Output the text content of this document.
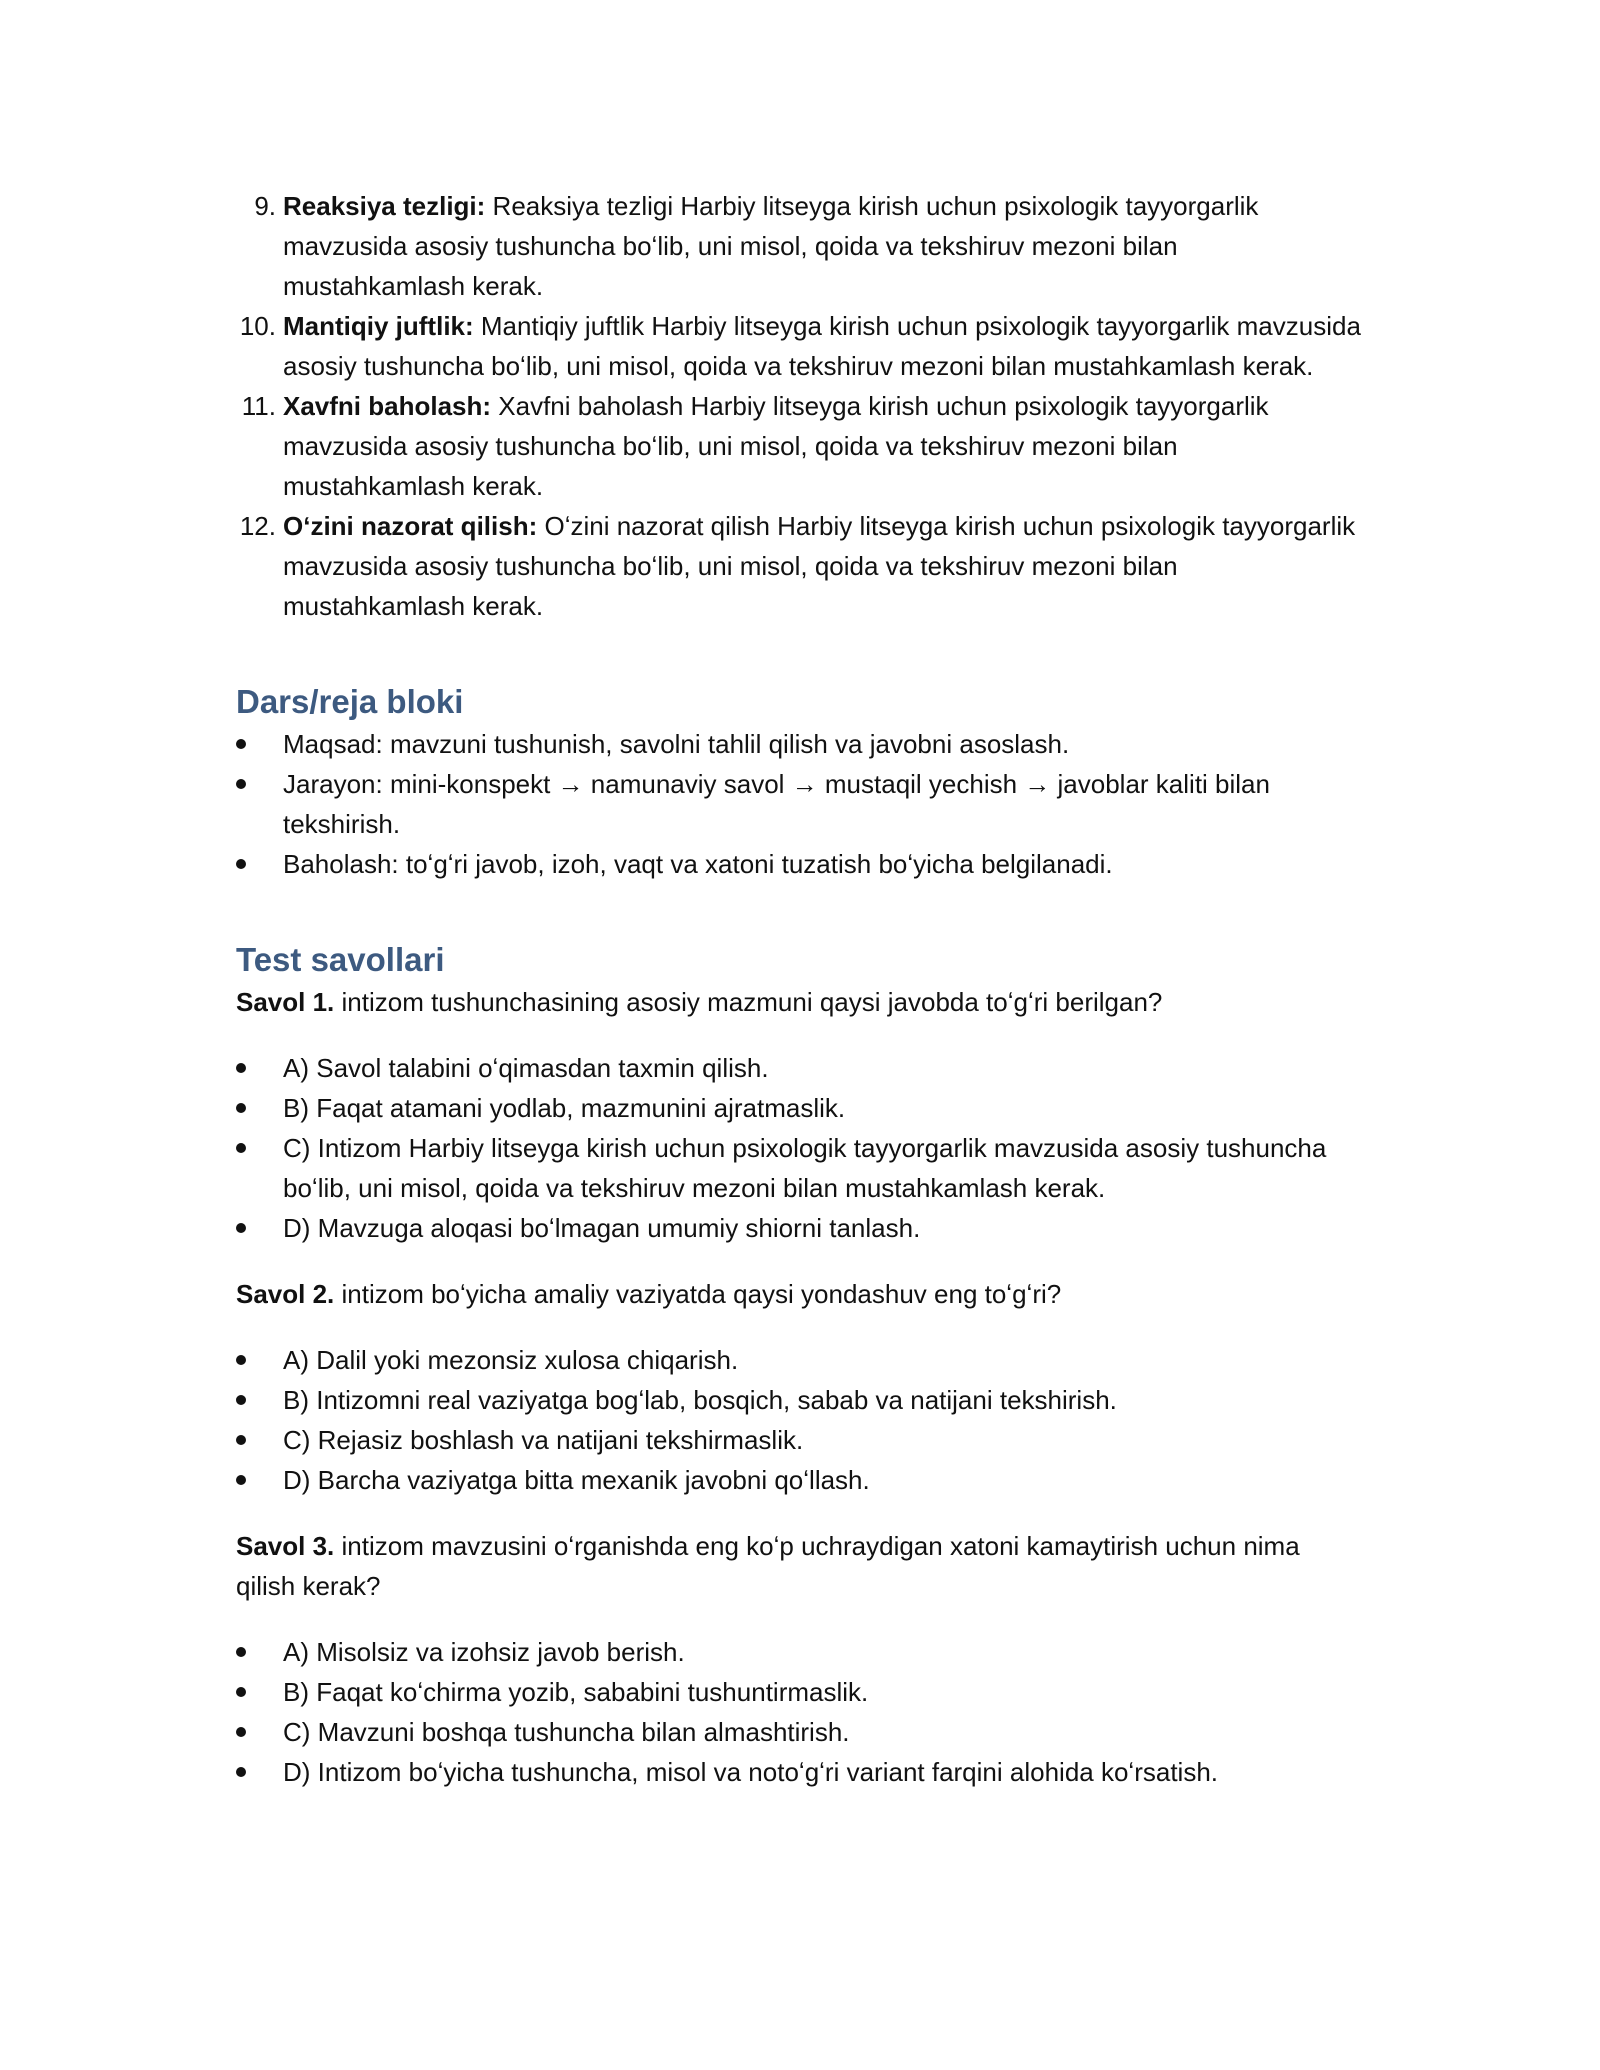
9. Reaksiya tezligi: Reaksiya tezligi Harbiy litseyga kirish uchun psixologik tayyorgarlik mavzusida asosiy tushuncha boʻlib, uni misol, qoida va tekshiruv mezoni bilan mustahkamlash kerak.
10. Mantiqiy juftlik: Mantiqiy juftlik Harbiy litseyga kirish uchun psixologik tayyorgarlik mavzusida asosiy tushuncha boʻlib, uni misol, qoida va tekshiruv mezoni bilan mustahkamlash kerak.
11. Xavfni baholash: Xavfni baholash Harbiy litseyga kirish uchun psixologik tayyorgarlik mavzusida asosiy tushuncha boʻlib, uni misol, qoida va tekshiruv mezoni bilan mustahkamlash kerak.
12. Oʻzini nazorat qilish: Oʻzini nazorat qilish Harbiy litseyga kirish uchun psixologik tayyorgarlik mavzusida asosiy tushuncha boʻlib, uni misol, qoida va tekshiruv mezoni bilan mustahkamlash kerak.
Dars/reja bloki
Maqsad: mavzuni tushunish, savolni tahlil qilish va javobni asoslash.
Jarayon: mini-konspekt → namunaviy savol → mustaqil yechish → javoblar kaliti bilan tekshirish.
Baholash: toʻgʻri javob, izoh, vaqt va xatoni tuzatish boʻyicha belgilanadi.
Test savollari

Savol 1. intizom tushunchasining asosiy mazmuni qaysi javobda toʻgʻri berilgan?

A) Savol talabini oʻqimasdan taxmin qilish.
B) Faqat atamani yodlab, mazmunini ajratmaslik.
C) Intizom Harbiy litseyga kirish uchun psixologik tayyorgarlik mavzusida asosiy tushuncha boʻlib, uni misol, qoida va tekshiruv mezoni bilan mustahkamlash kerak.
D) Mavzuga aloqasi boʻlmagan umumiy shiorni tanlash.

Savol 2. intizom boʻyicha amaliy vaziyatda qaysi yondashuv eng toʻgʻri?

A) Dalil yoki mezonsiz xulosa chiqarish.
B) Intizomni real vaziyatga bogʻlab, bosqich, sabab va natijani tekshirish.
C) Rejasiz boshlash va natijani tekshirmaslik.
D) Barcha vaziyatga bitta mexanik javobni qoʻllash.

Savol 3. intizom mavzusini oʻrganishda eng koʻp uchraydigan xatoni kamaytirish uchun nima qilish kerak?

A) Misolsiz va izohsiz javob berish.
B) Faqat koʻchirma yozib, sababini tushuntirmaslik.
C) Mavzuni boshqa tushuncha bilan almashtirish.
D) Intizom boʻyicha tushuncha, misol va notoʻgʻri variant farqini alohida koʻrsatish.
